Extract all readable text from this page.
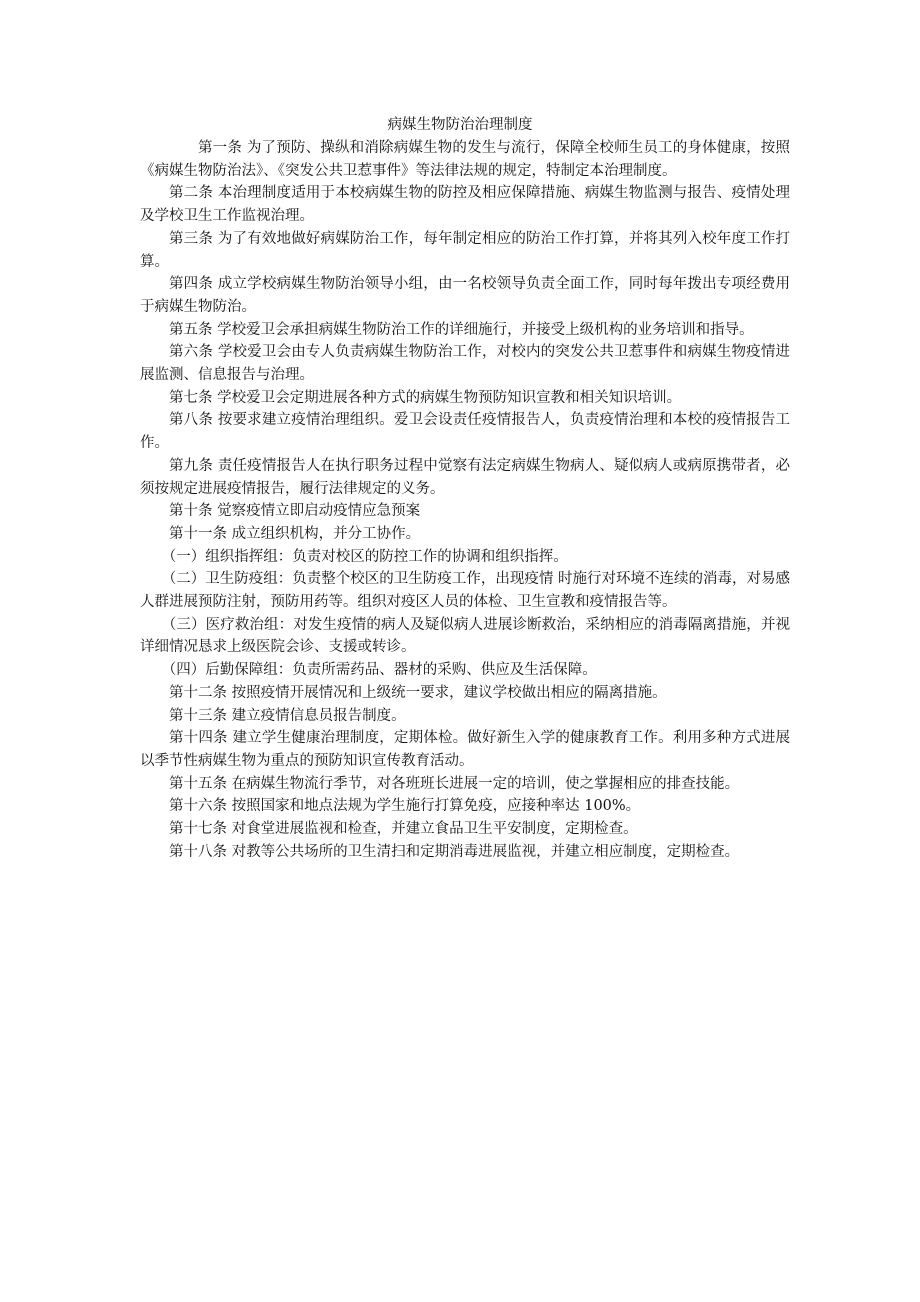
病媒生物防治治理制度

第一条 为了预防、操纵和消除病媒生物的发生与流行，保障全校师生员工的身体健康，按照《病媒生物防治法》、《突发公共卫惹事件》等法律法规的规定，特制定本治理制度。

第二条 本治理制度适用于本校病媒生物的防控及相应保障措施、病媒生物监测与报告、疫情处理及学校卫生工作监视治理。

第三条 为了有效地做好病媒防治工作，每年制定相应的防治工作打算，并将其列入校年度工作打算。

第四条 成立学校病媒生物防治领导小组，由一名校领导负责全面工作，同时每年拨出专项经费用于病媒生物防治。

第五条 学校爱卫会承担病媒生物防治工作的详细施行，并接受上级机构的业务培训和指导。

第六条 学校爱卫会由专人负责病媒生物防治工作，对校内的突发公共卫惹事件和病媒生物疫情进展监测、信息报告与治理。

第七条 学校爱卫会定期进展各种方式的病媒生物预防知识宣教和相关知识培训。

第八条 按要求建立疫情治理组织。爱卫会设责任疫情报告人，负责疫情治理和本校的疫情报告工作。

第九条 责任疫情报告人在执行职务过程中觉察有法定病媒生物病人、疑似病人或病原携带者，必须按规定进展疫情报告，履行法律规定的义务。

第十条 觉察疫情立即启动疫情应急预案

第十一条 成立组织机构，并分工协作。

（一）组织指挥组：负责对校区的防控工作的协调和组织指挥。

（二）卫生防疫组：负责整个校区的卫生防疫工作，出现疫情 时施行对环境不连续的消毒，对易感人群进展预防注射，预防用药等。组织对疫区人员的体检、卫生宣教和疫情报告等。

（三）医疗救治组：对发生疫情的病人及疑似病人进展诊断救治，采纳相应的消毒隔离措施，并视详细情况恳求上级医院会诊、支援或转诊。

（四）后勤保障组：负责所需药品、器材的采购、供应及生活保障。

第十二条 按照疫情开展情况和上级统一要求，建议学校做出相应的隔离措施。

第十三条 建立疫情信息员报告制度。

第十四条 建立学生健康治理制度，定期体检。做好新生入学的健康教育工作。利用多种方式进展以季节性病媒生物为重点的预防知识宣传教育活动。

第十五条 在病媒生物流行季节，对各班班长进展一定的培训，使之掌握相应的排查技能。

第十六条 按照国家和地点法规为学生施行打算免疫，应接种率达 100%。

第十七条 对食堂进展监视和检查，并建立食品卫生平安制度，定期检查。

第十八条 对教等公共场所的卫生清扫和定期消毒进展监视，并建立相应制度，定期检查。
